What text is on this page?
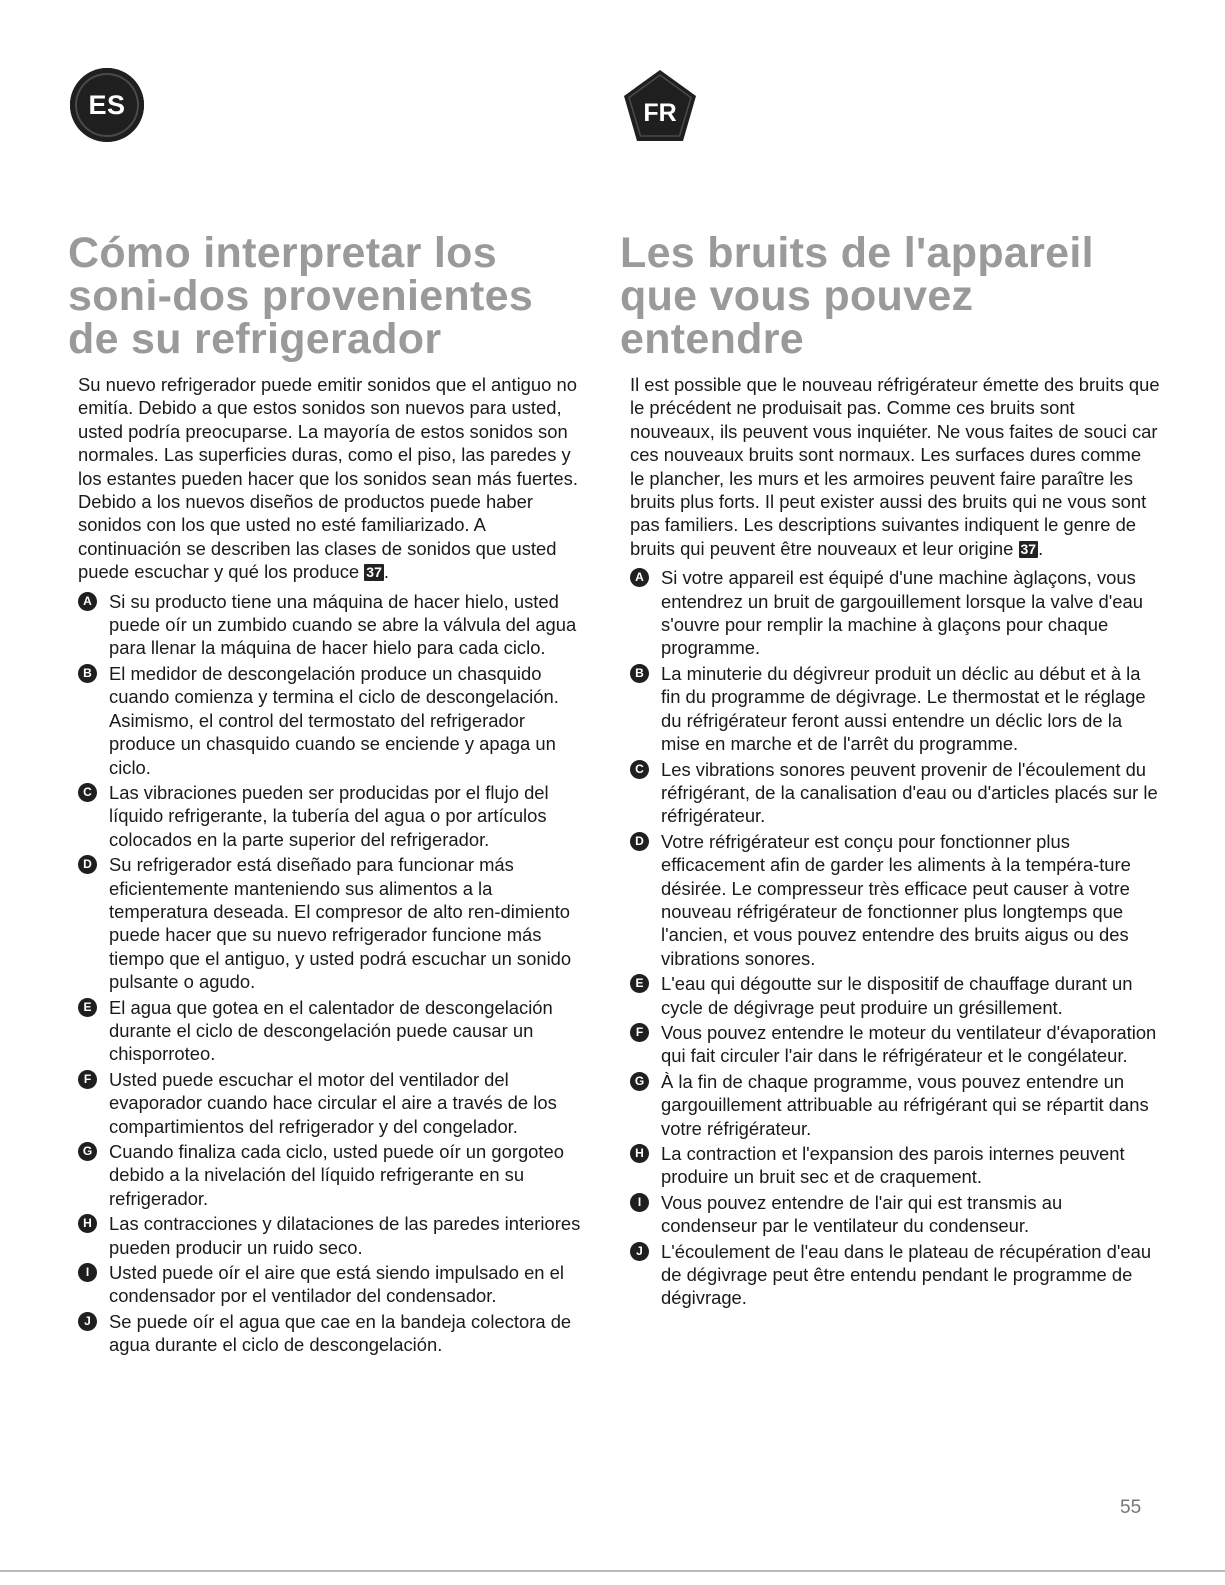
ES
Cómo interpretar los soni-dos provenientes de su refrigerador

Su nuevo refrigerador puede emitir sonidos que el antiguo no emitía. Debido a que estos sonidos son nuevos para usted, usted podría preocuparse. La mayoría de estos sonidos son normales. Las superficies duras, como el piso, las paredes y los estantes pueden hacer que los sonidos sean más fuertes. Debido a los nuevos diseños de productos puede haber sonidos con los que usted no esté familiarizado. A continuación se describen las clases de sonidos que usted puede escuchar y qué los produce 37 .

A Si su producto tiene una máquina de hacer hielo, usted puede oír un zumbido cuando se abre la válvula del agua para llenar la máquina de hacer hielo para cada ciclo.
B El medidor de descongelación produce un chasquido cuando comienza y termina el ciclo de descongelación. Asimismo, el control del termostato del refrigerador produce un chasquido cuando se enciende y apaga un ciclo.
C Las vibraciones pueden ser producidas por el flujo del líquido refrigerante, la tubería del agua o por artículos colocados en la parte superior del refrigerador.
D Su refrigerador está diseñado para funcionar más eficientemente manteniendo sus alimentos a la temperatura deseada. El compresor de alto ren-dimiento puede hacer que su nuevo refrigerador funcione más tiempo que el antiguo, y usted podrá escuchar un sonido pulsante o agudo.
E El agua que gotea en el calentador de descongelación durante el ciclo de descongelación puede causar un chisporroteo.
F Usted puede escuchar el motor del ventilador del evaporador cuando hace circular el aire a través de los compartimientos del refrigerador y del congelador.
G Cuando finaliza cada ciclo, usted puede oír un gorgoteo debido a la nivelación del líquido refrigerante en su refrigerador.
H Las contracciones y dilataciones de las paredes interiores pueden producir un ruido seco.
I	Usted puede oír el aire que está siendo impulsado en el condensador por el ventilador del condensador.
J Se puede oír el agua que cae en la bandeja colectora de agua durante el ciclo de descongelación.
FR
Les bruits de l'appareil que vous pouvez entendre

Il est possible que le nouveau réfrigérateur émette des bruits que le précédent ne produisait pas. Comme ces bruits sont nouveaux, ils peuvent vous inquiéter. Ne vous faites de souci car ces nouveaux bruits sont normaux. Les surfaces dures comme le plancher, les murs et les armoires peuvent faire paraître les bruits plus forts. Il peut exister aussi des bruits qui ne vous sont pas familiers. Les descriptions suivantes indiquent le genre de bruits qui peuvent être nouveaux et leur origine 37 .

A Si votre appareil est équipé d'une machine àglaçons, vous entendrez un bruit de gargouillement lorsque la valve d'eau s'ouvre pour remplir la machine à glaçons pour chaque programme.
B La minuterie du dégivreur produit un déclic au début et à la fin du programme de dégivrage. Le thermostat et le réglage du réfrigérateur feront aussi entendre un déclic lors de la mise en marche et de l'arrêt du programme.
C Les vibrations sonores peuvent provenir de l'écoulement du réfrigérant, de la canalisation d'eau ou d'articles placés sur le réfrigérateur.
D Votre réfrigérateur est conçu pour fonctionner plus efficacement afin de garder les aliments à la tempéra-ture désirée. Le compresseur très efficace peut causer à votre nouveau réfrigérateur de fonctionner plus longtemps que l'ancien, et vous pouvez entendre des bruits aigus ou des vibrations sonores.
E L'eau qui dégoutte sur le dispositif de chauffage durant un cycle de dégivrage peut produire un grésillement.
F Vous pouvez entendre le moteur du ventilateur d'évaporation qui fait circuler l'air dans le réfrigérateur et le congélateur.
G À la fin de chaque programme, vous pouvez entendre un gargouillement attribuable au réfrigérant qui se répartit dans votre réfrigérateur.
H La contraction et l'expansion des parois internes peuvent produire un bruit sec et de craquement.
I	Vous pouvez entendre de l'air qui est transmis au condenseur par le ventilateur du condenseur.
J L'écoulement de l'eau dans le plateau de récupération d'eau de dégivrage peut être entendu pendant le programme de dégivrage.
55
